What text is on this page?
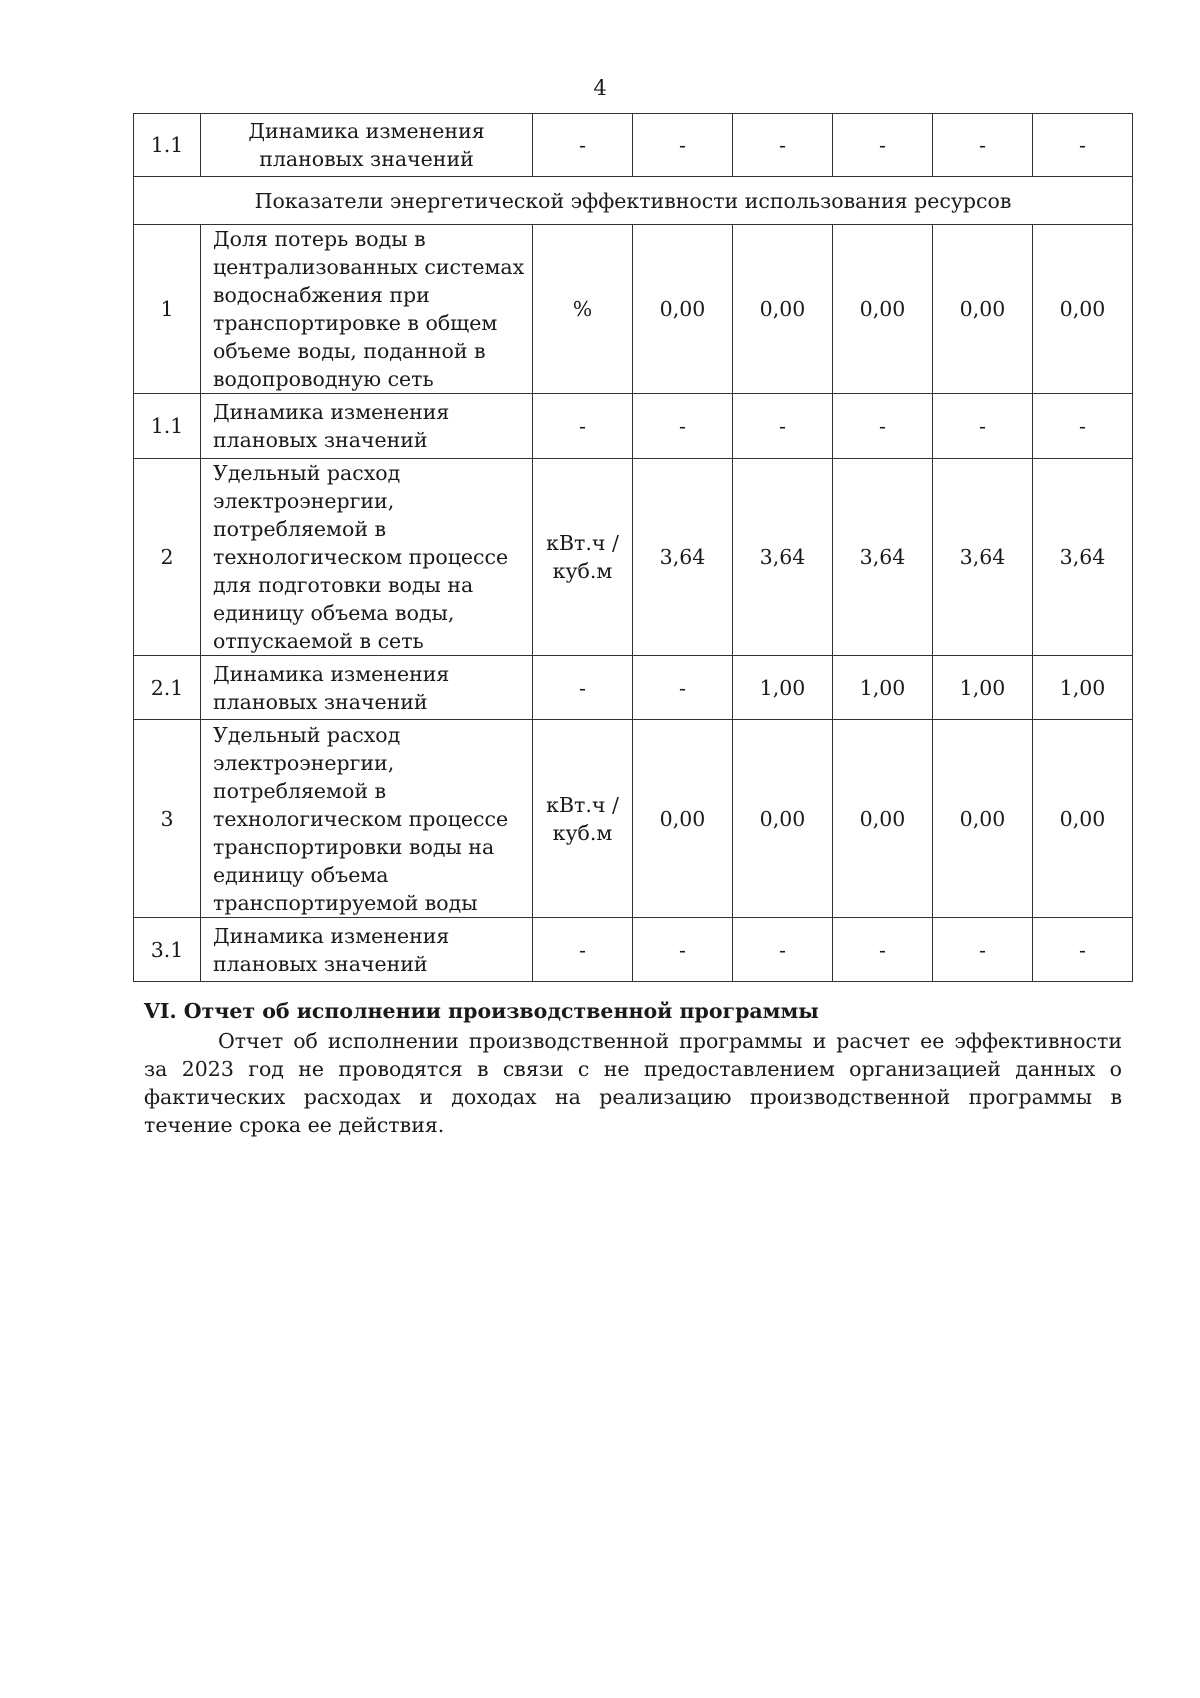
4
1.1	Динамика изменения плановых значений	-	-	-	-	-	-
Показатели энергетической эффективности использования ресурсов							
1	Доля потерь воды в централизованных системах водоснабжения при транспортировке в общем объеме воды, поданной в водопроводную сеть	%	0,00	0,00	0,00	0,00	0,00
1.1	Динамика изменения плановых значений	-	-	-	-	-	-
2	Удельный расход электроэнергии, потребляемой в технологическом процессе для подготовки воды на единицу объема воды, отпускаемой в сеть	кВт.ч / куб.м	3,64	3,64	3,64	3,64	3,64
2.1	Динамика изменения плановых значений	-	-	1,00	1,00	1,00	1,00
3	Удельный расход электроэнергии, потребляемой в технологическом процессе транспортировки воды на единицу объема транспортируемой воды	кВт.ч / куб.м	0,00	0,00	0,00	0,00	0,00
3.1	Динамика изменения плановых значений	-	-	-	-	-	-
VI. Отчет об исполнении производственной программы
Отчет об исполнении производственной программы и расчет ее эффективности за 2023 год не проводятся в связи с не предоставлением организацией данных о фактических расходах и доходах на реализацию производственной программы в течение срока ее действия.
